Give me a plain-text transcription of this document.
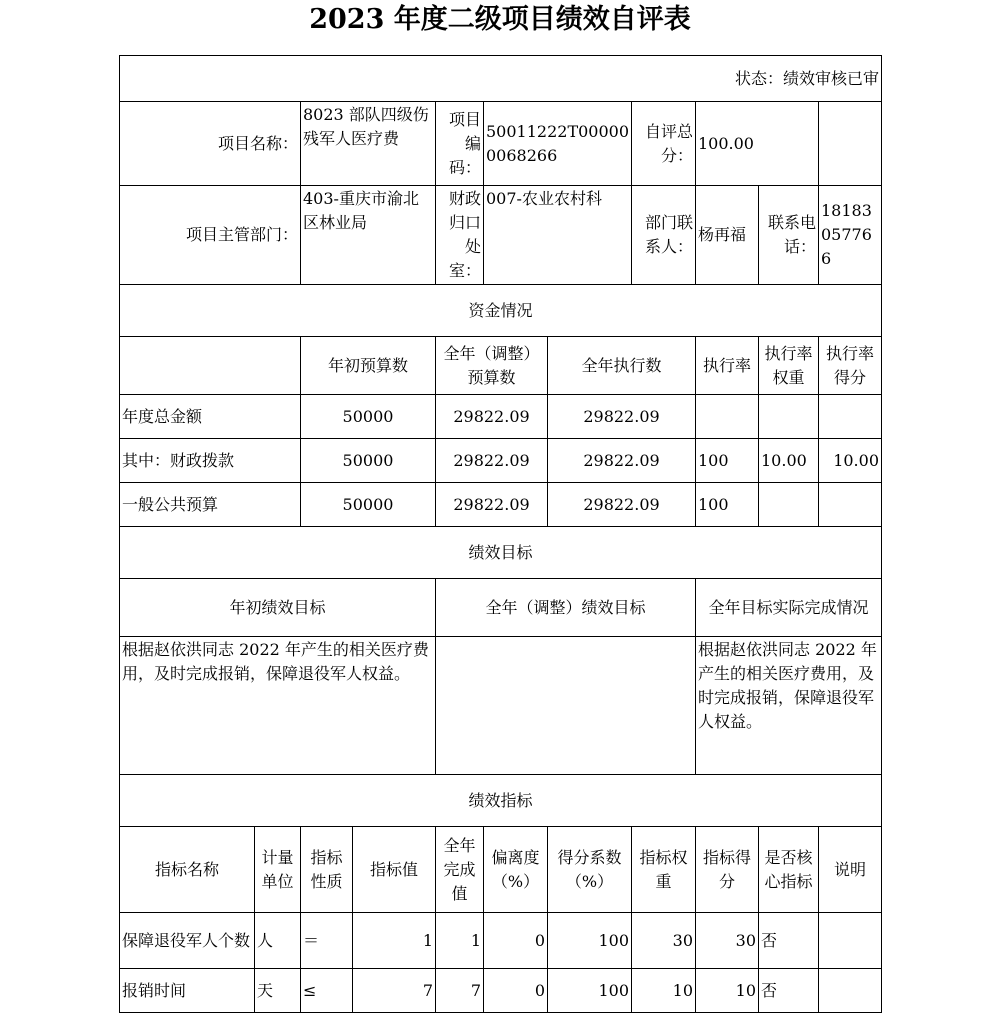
2023 年度二级项目绩效自评表
状态：绩效审核已审										
项目名称：		8023 部队四级伤残军人医疗费		项目编码：	50011222T000000068266		自评总分：	100.00		
项目主管部门：		403-重庆市渝北区林业局		财政归口处室：	007-农业农村科		部门联系人：	杨再福	联系电话：	18183057766
资金情况										
		年初预算数		全年（调整）预算数		全年执行数		执行率	执行率权重	执行率得分
年度总金额		50000		29822.09		29822.09				
其中：财政拨款		50000		29822.09		29822.09		100	10.00	10.00
一般公共预算		50000		29822.09		29822.09		100		
绩效目标										
年初绩效目标				全年（调整）绩效目标				全年目标实际完成情况		
根据赵依洪同志 2022 年产生的相关医疗费用，及时完成报销，保障退役军人权益。								根据赵依洪同志 2022 年产生的相关医疗费用，及时完成报销，保障退役军人权益。		
绩效指标										
指标名称	计量单位	指标性质	指标值	全年完成值	偏离度（%）	得分系数（%）	指标权重	指标得分	是否核心指标	说明
保障退役军人个数	人	＝	1	1	0	100	30	30	否	
报销时间	天	≤	7	7	0	100	10	10	否	
